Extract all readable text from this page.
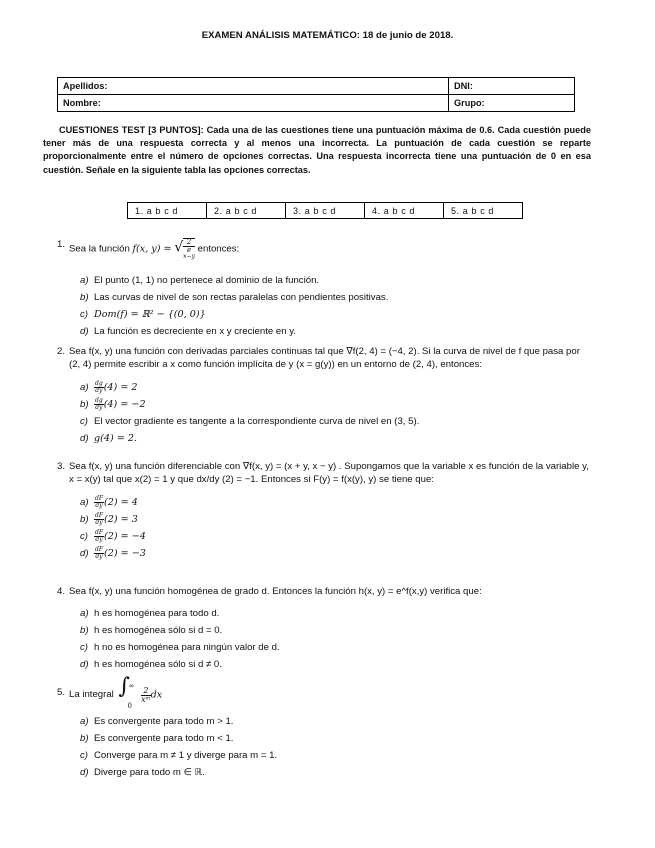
EXAMEN ANÁLISIS MATEMÁTICO: 18 de junio de 2018.
Apellidos:	DNI:
Nombre:	Grupo:
CUESTIONES TEST [3 PUNTOS]: Cada una de las cuestiones tiene una puntuación máxima de 0.6. Cada cuestión puede tener más de una respuesta correcta y al menos una incorrecta. La puntuación de cada cuestión se reparte proporcionalmente entre el número de opciones correctas. Una respuesta incorrecta tiene una puntuación de 0 en esa cuestión. Señale en la siguiente tabla las opciones correctas.
1. a b c d	2. a b c d	3. a b c d	4. a b c d	5. a b c d
1. Sea la función f(x, y) = √ 2
e
x−y entonces:
a) El punto (1, 1) no pertenece al dominio de la función.
b) Las curvas de nivel de son rectas paralelas con pendientes positivas.
c) Dom(f) = ℝ² − {(0, 0)}
d) La función es decreciente en x y creciente en y.
2. Sea f(x, y) una función con derivadas parciales continuas tal que ∇f(2, 4) = (−4, 2). Si la curva de nivel de f que pasa por (2, 4) permite escribir a x como función implícita de y (x = g(y)) en un entorno de (2, 4), entonces:
$a) \frac{dg}{dy} (4) = 2$
$b) \frac{dg}{dy} (4) = -2$
c) El vector gradiente es tangente a la correspondiente curva de nivel en (3, 5).
d) g(4) = 2.
3. Sea f(x, y) una función diferenciable con ∇f(x, y) = (x + y, x − y) . Supongamos que la variable x es función de la variable y, x = x(y) tal que x(2) = 1 y que dx/dy (2) = −1. Entonces si F(y) = f(x(y), y) se tiene que:
$a) \frac{dF}{dy} (2) = 4$
$b) \frac{dF}{dy} (2) = 3$
$c) \frac{dF}{dy} (2) = -4$
$d) \frac{dF}{dy} (2) = -3$
4. Sea f(x, y) una función homogénea de grado d. Entonces la función h(x, y) = e^f(x,y) verifica que:
a) h es homogénea para todo d.
b) h es homogénea sólo si d = 0.
c) h no es homogénea para ningún valor de d.
d) h es homogénea sólo si d ≠ 0.
5. La integral ∫
∞
0

$\frac{2}{\text{xᵐ}}$ dx
a) Es convergente para todo m > 1.
b) Es convergente para todo m < 1.
c) Converge para m ≠ 1 y diverge para m = 1.
d) Diverge para todo m ∈ ℝ.
